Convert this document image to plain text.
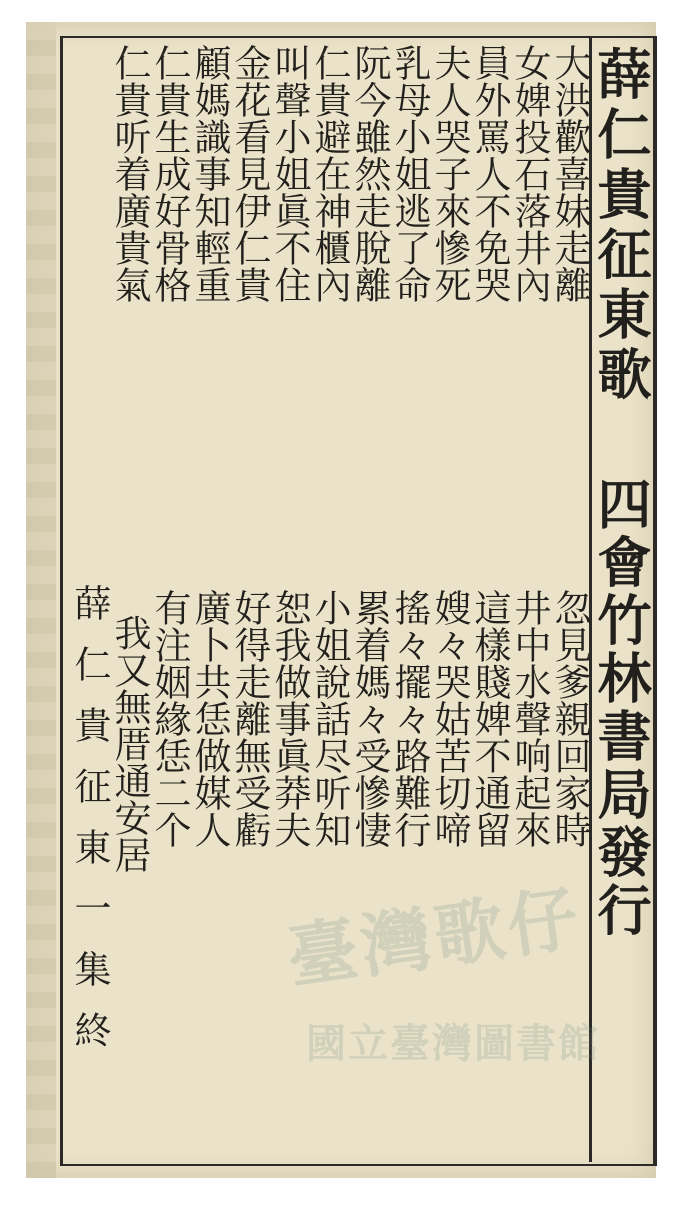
薛仁貴征東歌

四會竹林書局發行

大洪歡喜妹走離

忽見爹親回家時

女婢投石落井內

井中水聲响起來

員外罵人不免哭

這樣賤婢不通留

夫人哭子來慘死

嫂々哭姑苦切啼

乳母小姐逃了命

搖々擺々路難行

阮今雖然走脫離

累着媽々受慘悽

仁貴避在神櫃內

小姐說話尽听知

叫聲小姐眞不住

恕我做事眞莽夫

金花看見伊仁貴

好得走離無受虧

顧媽識事知輕重

廣卜共恁做媒人

仁貴生成好骨格

有注姻緣恁二个

仁貴听着廣貴氣

我又無厝通安居

薛仁貴征東一集終 臺灣歌仔
國立臺灣圖書館
